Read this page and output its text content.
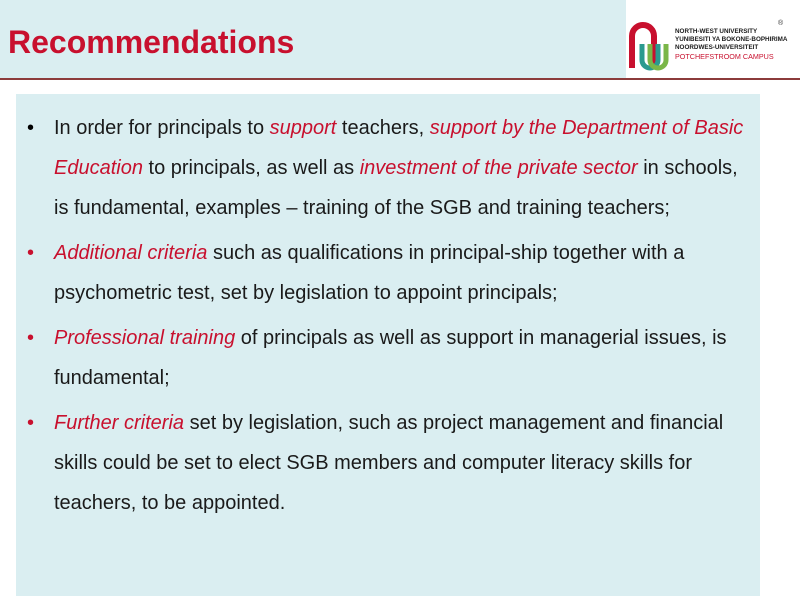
Recommendations	NORTH-WEST UNIVERSITY
YUNIBESITI YA BOKONE-BOPHIRIMA
NOORDWES-UNIVERSITEIT
POTCHEFSTROOM CAMPUS
®
• In order for principals to support teachers, support by the Department of Basic Education to principals, as well as investment of the private sector in schools, is fundamental, examples – training of the SGB and training teachers;
• Additional criteria such as qualifications in principal-ship together with a psychometric test, set by legislation to appoint principals;
• Professional training of principals as well as support in managerial issues, is fundamental;
• Further criteria set by legislation, such as project management and financial skills could be set to elect SGB members and computer literacy skills for teachers, to be appointed.
